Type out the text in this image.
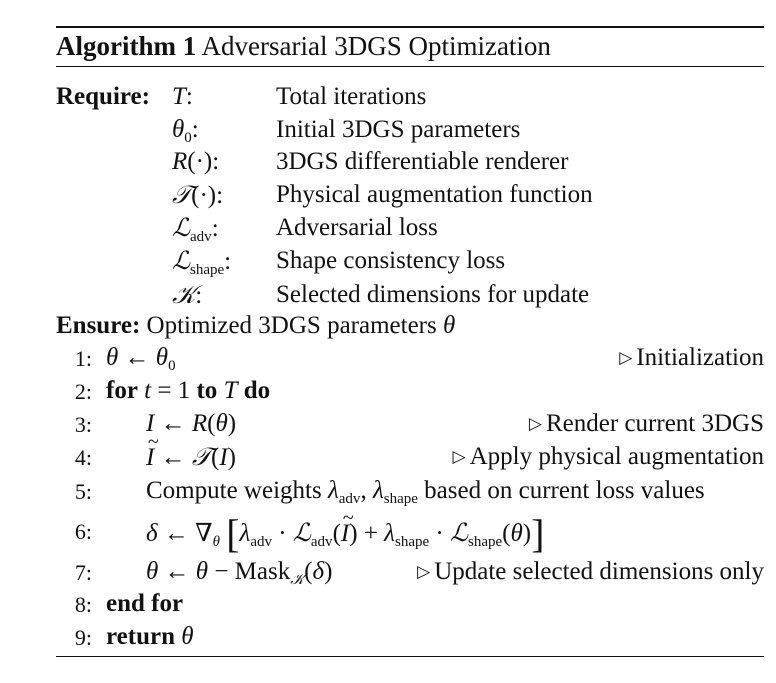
Algorithm 1 Adversarial 3DGS Optimization
Require: T:	Total iterations
$\theta_0$:	Initial 3DGS parameters
R(·): 3DGS differentiable renderer
𝒯(·): Physical augmentation function
ℒ$_{adv}$: Adversarial loss
ℒ$_{shape}$: Shape consistency loss
𝒦:	Selected dimensions for update
Ensure: Optimized 3DGS parameters θ
1: θ ← $\theta_0$	▷ Initialization
2: for t = 1 to T do
3: I ← R(θ)	▷ Render current 3DGS
4: I
~
← 𝒯(I)	▷ Apply physical augmentation
5: Compute weights $\lambda_{adv}$, $\lambda_{shape}$ based on current loss values
6: δ ← $\nabla_\theta$ [$\lambda_{adv}$ · ℒ$_{adv}$(I
~
) + $\lambda_{shape}$ · ℒ$_{shape}$(θ)]
7: θ ← θ − Mask$_𝒦$(δ)	▷ Update selected dimensions only
8: end for
9: return θ
